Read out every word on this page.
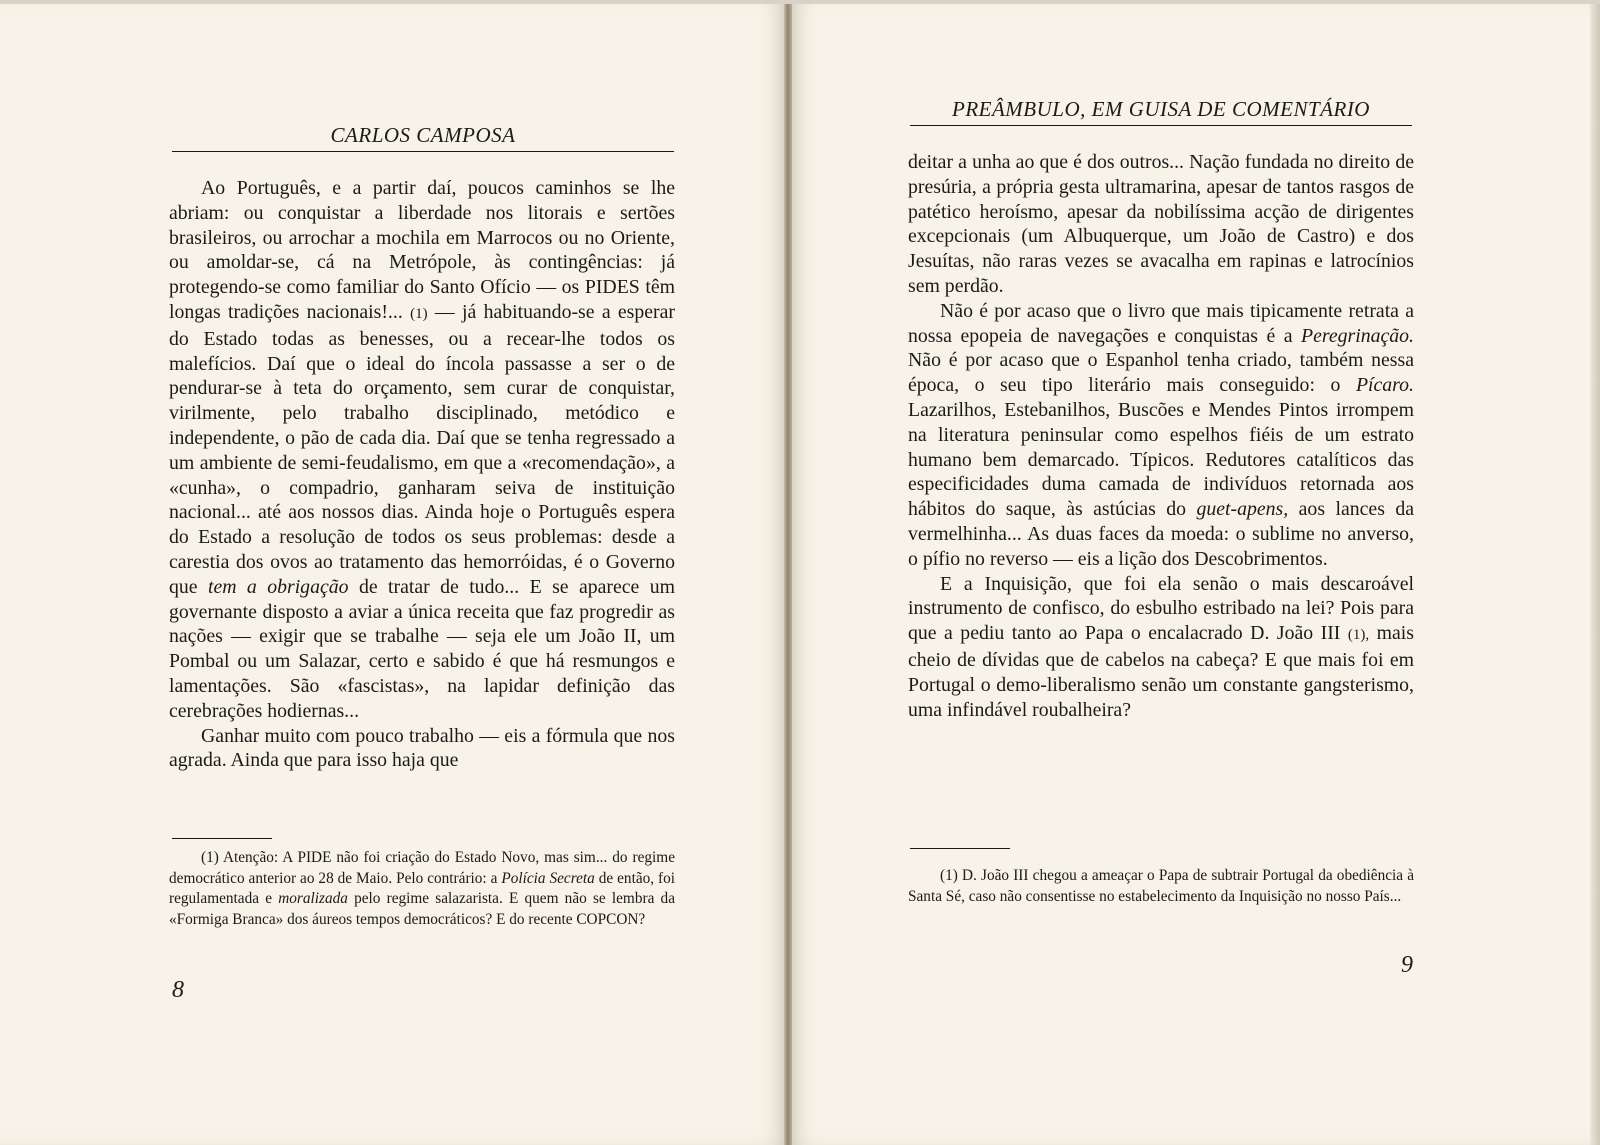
CARLOS CAMPOSA

Ao Português, e a partir daí, poucos caminhos se lhe abriam: ou conquistar a liberdade nos litorais e sertões brasileiros, ou arrochar a mochila em Marrocos ou no Oriente, ou amoldar-se, cá na Metrópole, às contingências: já protegendo-se como familiar do Santo Ofício — os PIDES têm longas tradições nacionais!... (1) — já habituando-se a esperar do Estado todas as benesses, ou a recear-lhe todos os malefícios. Daí que o ideal do íncola passasse a ser o de pendurar-se à teta do orçamento, sem curar de conquistar, virilmente, pelo trabalho disciplinado, metódico e independente, o pão de cada dia. Daí que se tenha regressado a um ambiente de semi-feudalismo, em que a «recomendação», a «cunha», o compadrio, ganharam seiva de instituição nacional... até aos nossos dias. Ainda hoje o Português espera do Estado a resolução de todos os seus problemas: desde a carestia dos ovos ao tratamento das hemorróidas, é o Governo que tem a obrigação de tratar de tudo... E se aparece um governante disposto a aviar a única receita que faz progredir as nações — exigir que se trabalhe — seja ele um João II, um Pombal ou um Salazar, certo e sabido é que há resmungos e lamentações. São «fascistas», na lapidar definição das cerebrações hodiernas...

Ganhar muito com pouco trabalho — eis a fórmula que nos agrada. Ainda que para isso haja que

(1) Atenção: A PIDE não foi criação do Estado Novo, mas sim... do regime democrático anterior ao 28 de Maio. Pelo contrário: a Polícia Secreta de então, foi regulamentada e moralizada pelo regime salazarista. E quem não se lembra da «Formiga Branca» dos áureos tempos democráticos? E do recente COPCON?

8
PREÂMBULO, EM GUISA DE COMENTÁRIO

deitar a unha ao que é dos outros... Nação fundada no direito de presúria, a própria gesta ultramarina, apesar de tantos rasgos de patético heroísmo, apesar da nobilíssima acção de dirigentes excepcionais (um Albuquerque, um João de Castro) e dos Jesuítas, não raras vezes se avacalha em rapinas e latrocínios sem perdão.

Não é por acaso que o livro que mais tipicamente retrata a nossa epopeia de navegações e conquistas é a Peregrinação. Não é por acaso que o Espanhol tenha criado, também nessa época, o seu tipo literário mais conseguido: o Pícaro. Lazarilhos, Estebanilhos, Buscões e Mendes Pintos irrompem na literatura peninsular como espelhos fiéis de um estrato humano bem demarcado. Típicos. Redutores catalíticos das especificidades duma camada de indivíduos retornada aos hábitos do saque, às astúcias do guet-apens, aos lances da vermelhinha... As duas faces da moeda: o sublime no anverso, o pífio no reverso — eis a lição dos Descobrimentos.

E a Inquisição, que foi ela senão o mais descaroável instrumento de confisco, do esbulho estribado na lei? Pois para que a pediu tanto ao Papa o encalacrado D. João III (1), mais cheio de dívidas que de cabelos na cabeça? E que mais foi em Portugal o demo-liberalismo senão um constante gangsterismo, uma infindável roubalheira?

(1) D. João III chegou a ameaçar o Papa de subtrair Portugal da obediência à Santa Sé, caso não consentisse no estabelecimento da Inquisição no nosso País...

9
